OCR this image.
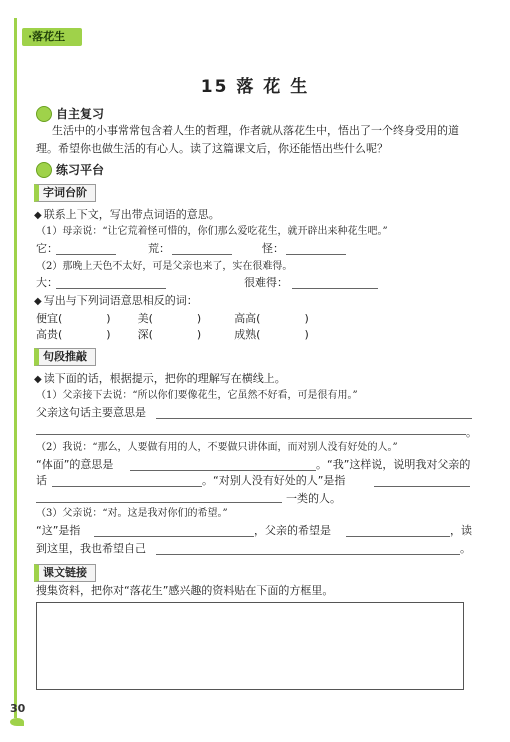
·落花生
15 落 花 生
自主复习
生活中的小事常常包含着人生的哲理，作者就从落花生中，悟出了一个终身受用的道
理。希望你也做生活的有心人。读了这篇课文后，你还能悟出些什么呢？
练习平台
字词台阶
◆ 联系上下文，写出带点词语的意思。
（1）母亲说：“让它荒着怪可惜的，你们那么爱吃花生，就开辟出来种花生吧。”
它：	荒：	怪：
（2）那晚上天色不太好，可是父亲也来了，实在很难得。
大：	很难得：
◆ 写出与下列词语意思相反的词：
便宜(	) 美(	)	高高(	)
高贵(	) 深(	)	成熟(	)
句段推敲
◆ 读下面的话，根据提示，把你的理解写在横线上。
（1）父亲接下去说：“所以你们要像花生，它虽然不好看，可是很有用。”
父亲这句话主要意思是
。
（2）我说：“那么，人要做有用的人，不要做只讲体面，而对别人没有好处的人。”
“体面”的意思是	。“我”这样说，说明我对父亲的
话	。“对别人没有好处的人”是指
一类的人。
（3）父亲说：“对。这是我对你们的希望。”
“这”是指	，父亲的希望是	，读
到这里，我也希望自己	。
课文链接
搜集资料，把你对“落花生”感兴趣的资料贴在下面的方框里。
30
